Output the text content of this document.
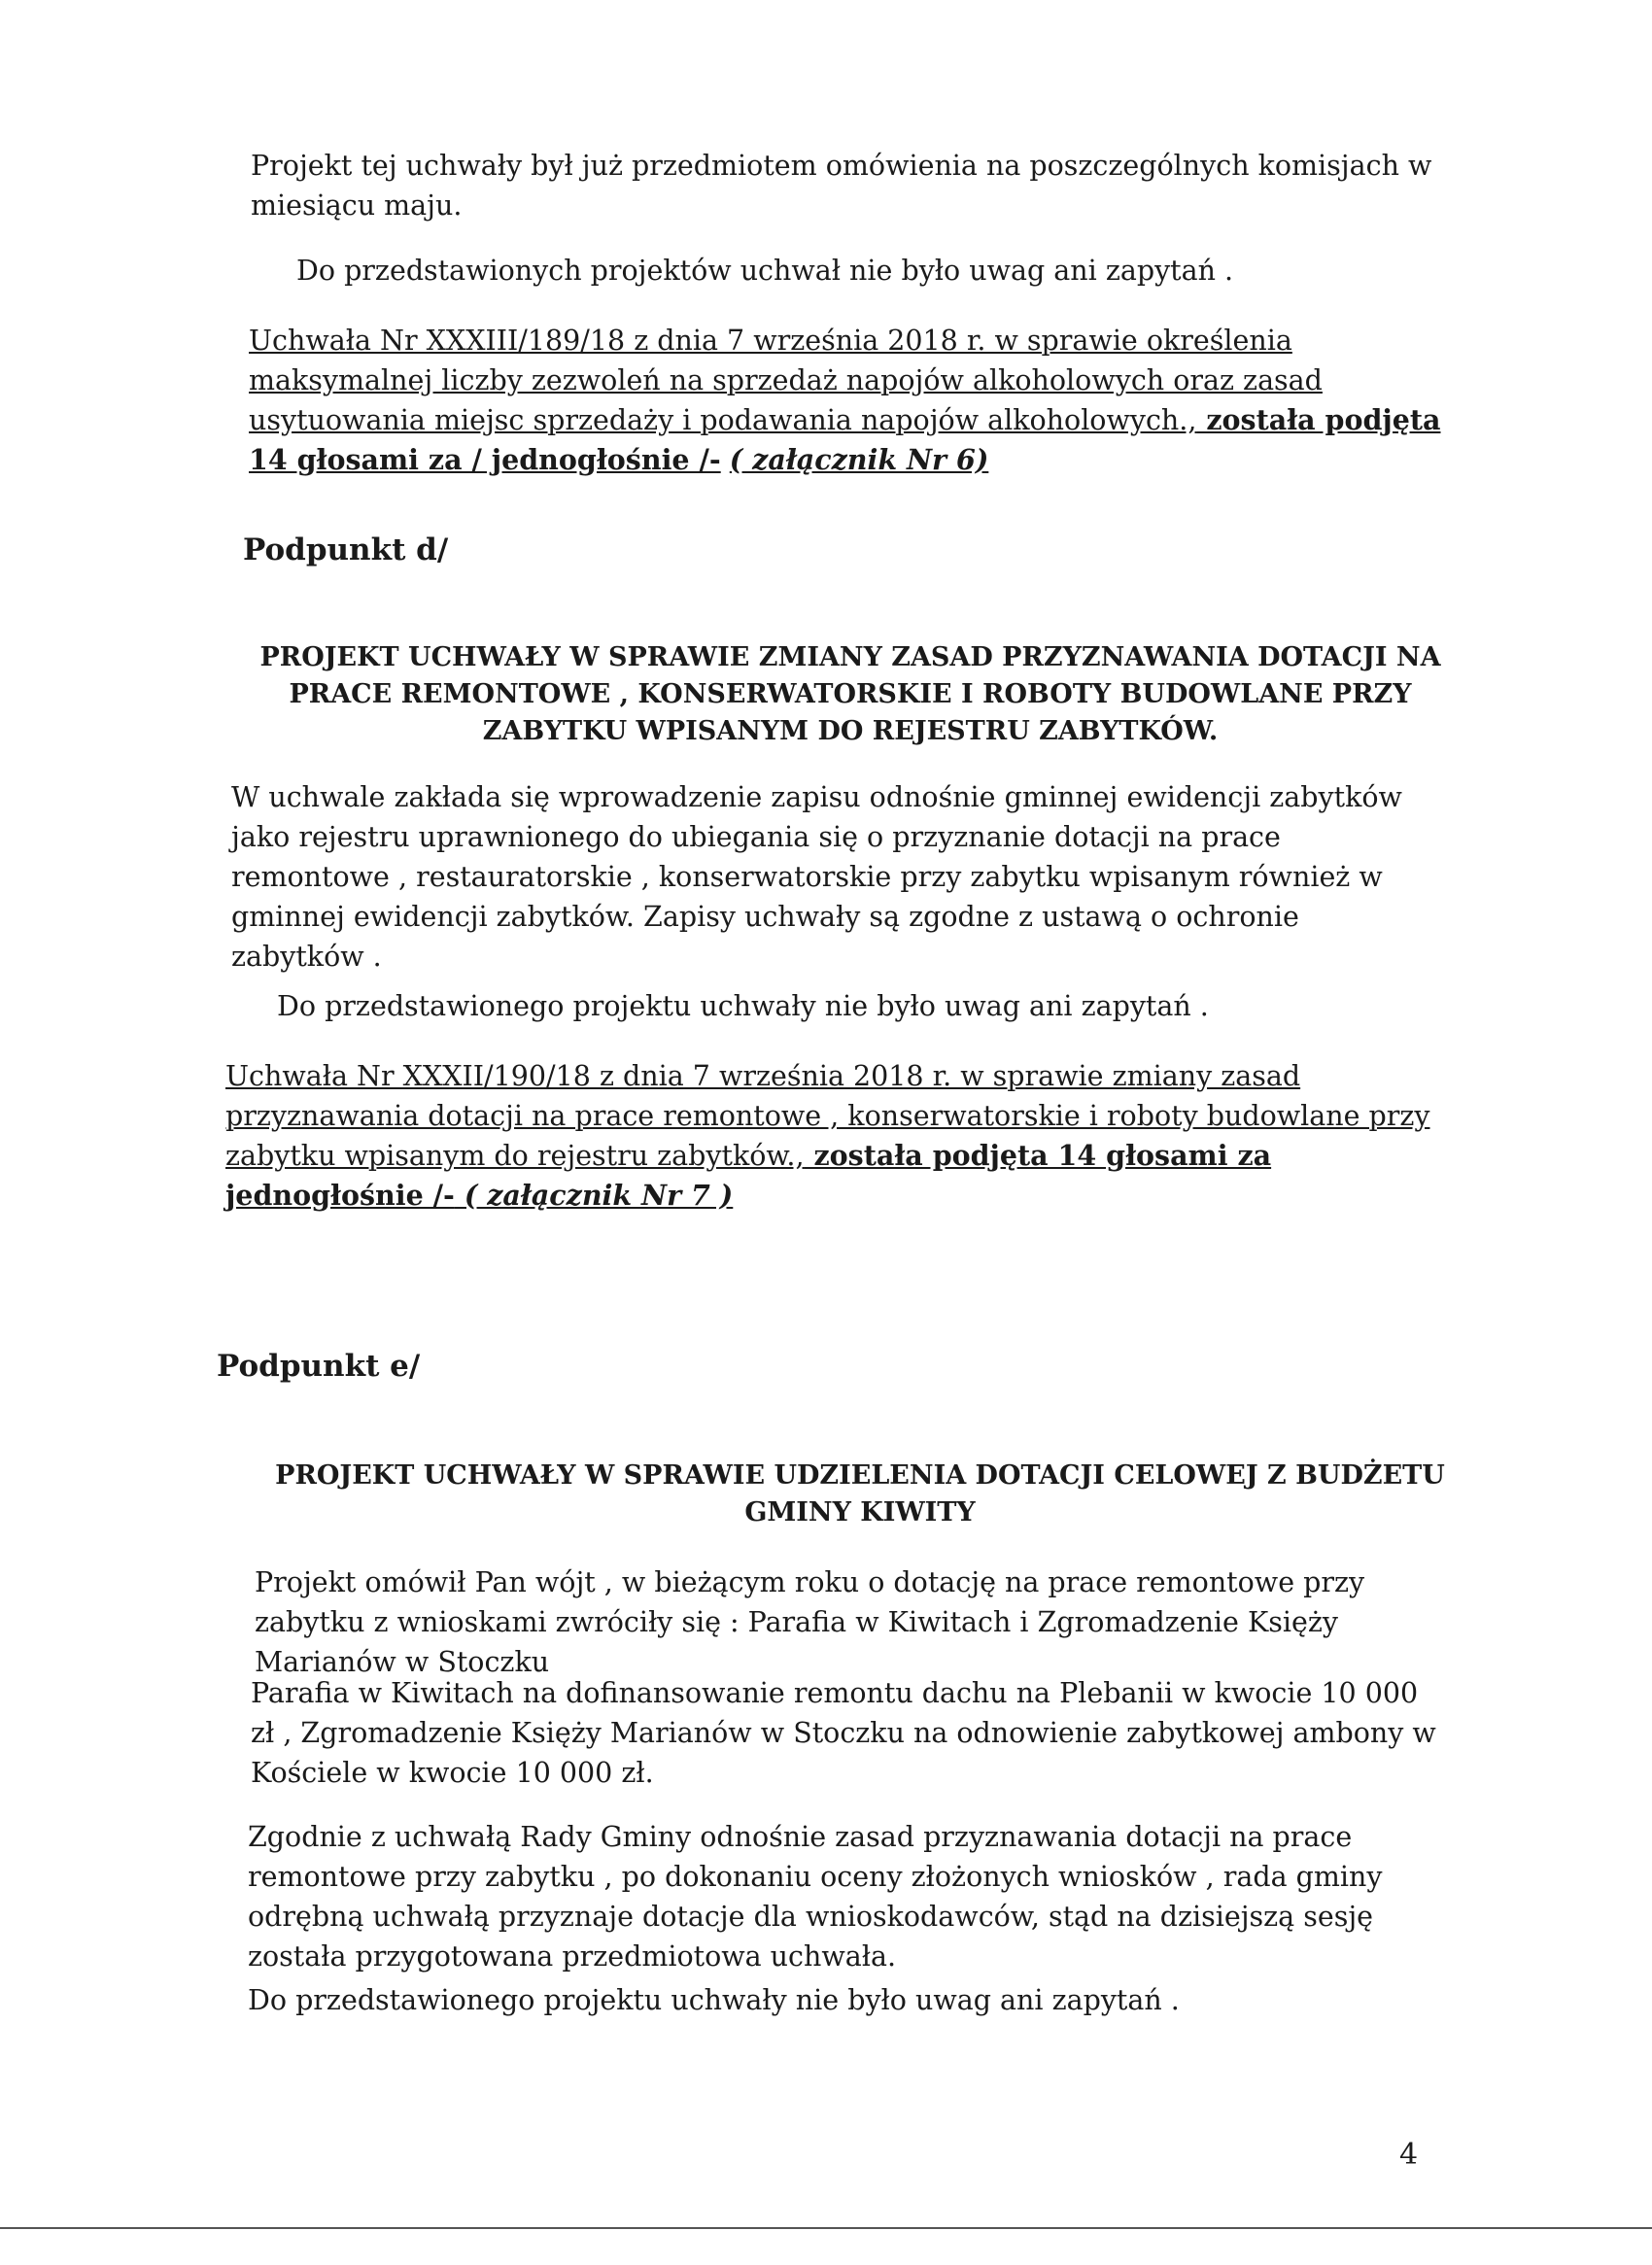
Projekt tej uchwały był już przedmiotem omówienia na poszczególnych komisjach w miesiącu maju.

Do przedstawionych projektów uchwał nie było uwag ani zapytań .

Uchwała Nr XXXIII/189/18 z dnia 7 września 2018 r. w sprawie określenia maksymalnej liczby zezwoleń na sprzedaż napojów alkoholowych oraz zasad usytuowania miejsc sprzedaży i podawania napojów alkoholowych., została podjęta 14 głosami za / jednogłośnie /- ( załącznik Nr 6)

Podpunkt d/
PROJEKT UCHWAŁY W SPRAWIE ZMIANY ZASAD PRZYZNAWANIA DOTACJI NA PRACE REMONTOWE , KONSERWATORSKIE I ROBOTY BUDOWLANE PRZY ZABYTKU WPISANYM DO REJESTRU ZABYTKÓW.

W uchwale zakłada się wprowadzenie zapisu odnośnie gminnej ewidencji zabytków jako rejestru uprawnionego do ubiegania się o przyznanie dotacji na prace remontowe , restauratorskie , konserwatorskie przy zabytku wpisanym również w gminnej ewidencji zabytków. Zapisy uchwały są zgodne z ustawą o ochronie zabytków .

Do przedstawionego projektu uchwały nie było uwag ani zapytań .

Uchwała Nr XXXII/190/18 z dnia 7 września 2018 r. w sprawie zmiany zasad przyznawania dotacji na prace remontowe , konserwatorskie i roboty budowlane przy zabytku wpisanym do rejestru zabytków., została podjęta 14 głosami za jednogłośnie /- ( załącznik Nr 7 )

Podpunkt e/
PROJEKT UCHWAŁY W SPRAWIE UDZIELENIA DOTACJI CELOWEJ Z BUDŻETU GMINY KIWITY

Projekt omówił Pan wójt , w bieżącym roku o dotację na prace remontowe przy zabytku z wnioskami zwróciły się : Parafia w Kiwitach i Zgromadzenie Księży Marianów w Stoczku

Parafia w Kiwitach na dofinansowanie remontu dachu na Plebanii w kwocie 10 000 zł , Zgromadzenie Księży Marianów w Stoczku na odnowienie zabytkowej ambony w Kościele w kwocie 10 000 zł.

Zgodnie z uchwałą Rady Gminy odnośnie zasad przyznawania dotacji na prace remontowe przy zabytku , po dokonaniu oceny złożonych wniosków , rada gminy odrębną uchwałą przyznaje dotacje dla wnioskodawców, stąd na dzisiejszą sesję została przygotowana przedmiotowa uchwała.

Do przedstawionego projektu uchwały nie było uwag ani zapytań .

4
